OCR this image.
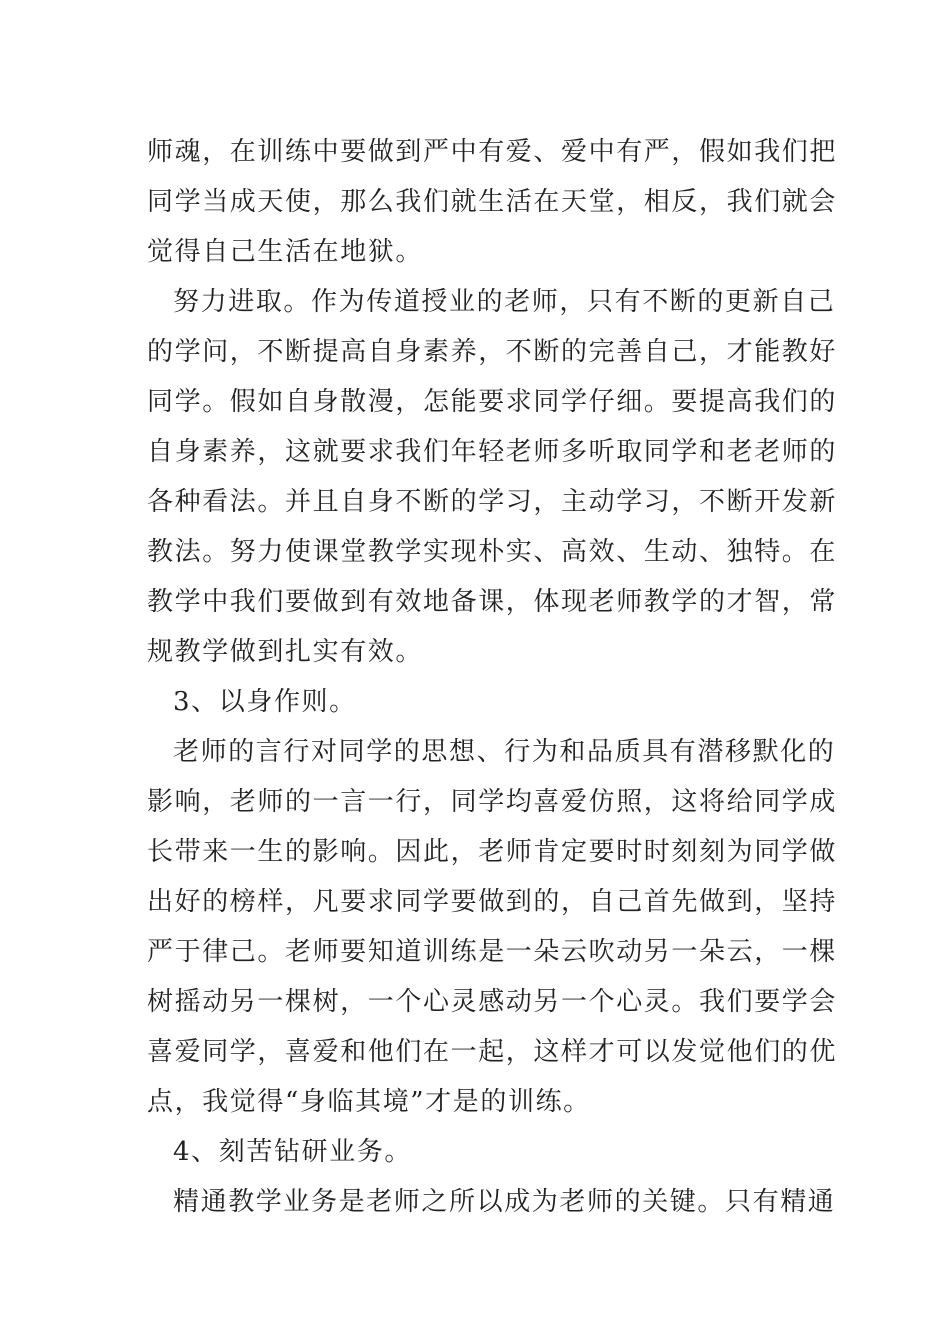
师魂，在训练中要做到严中有爱、爱中有严，假如我们把
同学当成天使，那么我们就生活在天堂，相反，我们就会
觉得自己生活在地狱。
努力进取。作为传道授业的老师，只有不断的更新自己
的学问，不断提高自身素养，不断的完善自己，才能教好
同学。假如自身散漫，怎能要求同学仔细。要提高我们的
自身素养，这就要求我们年轻老师多听取同学和老老师的
各种看法。并且自身不断的学习，主动学习，不断开发新
教法。努力使课堂教学实现朴实、高效、生动、独特。在
教学中我们要做到有效地备课，体现老师教学的才智，常
规教学做到扎实有效。
3、以身作则。
老师的言行对同学的思想、行为和品质具有潜移默化的
影响，老师的一言一行，同学均喜爱仿照，这将给同学成
长带来一生的影响。因此，老师肯定要时时刻刻为同学做
出好的榜样，凡要求同学要做到的，自己首先做到，坚持
严于律己。老师要知道训练是一朵云吹动另一朵云，一棵
树摇动另一棵树，一个心灵感动另一个心灵。我们要学会
喜爱同学，喜爱和他们在一起，这样才可以发觉他们的优
点，我觉得“身临其境”才是的训练。
4、刻苦钻研业务。
精通教学业务是老师之所以成为老师的关键。只有精通
